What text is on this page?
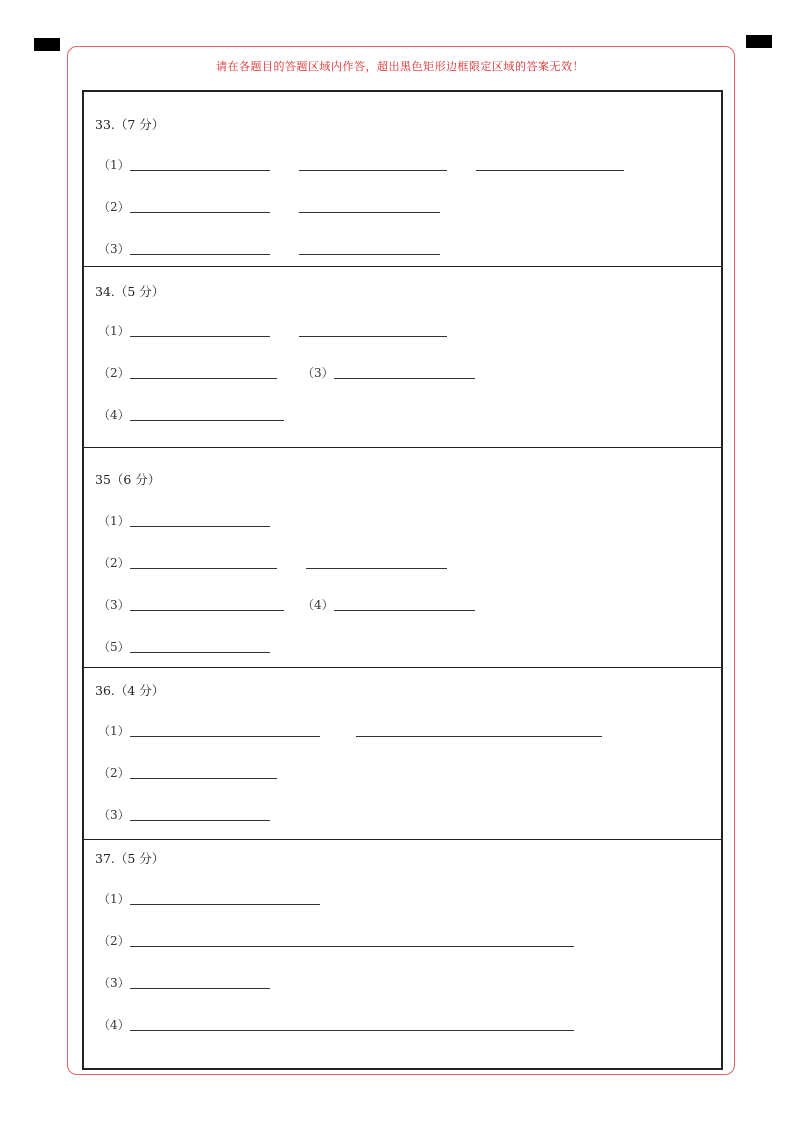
请在各题目的答题区域内作答，超出黑色矩形边框限定区域的答案无效！
33.（7 分）
（1）
（2）
（3）
34.（5 分）
（1）
（2）	（3）
（4）
35（6 分）
（1）
（2）
（3）	（4）
（5）
36.（4 分）
（1）
（2）
（3）
37.（5 分）
（1）
（2）
（3）
（4）
